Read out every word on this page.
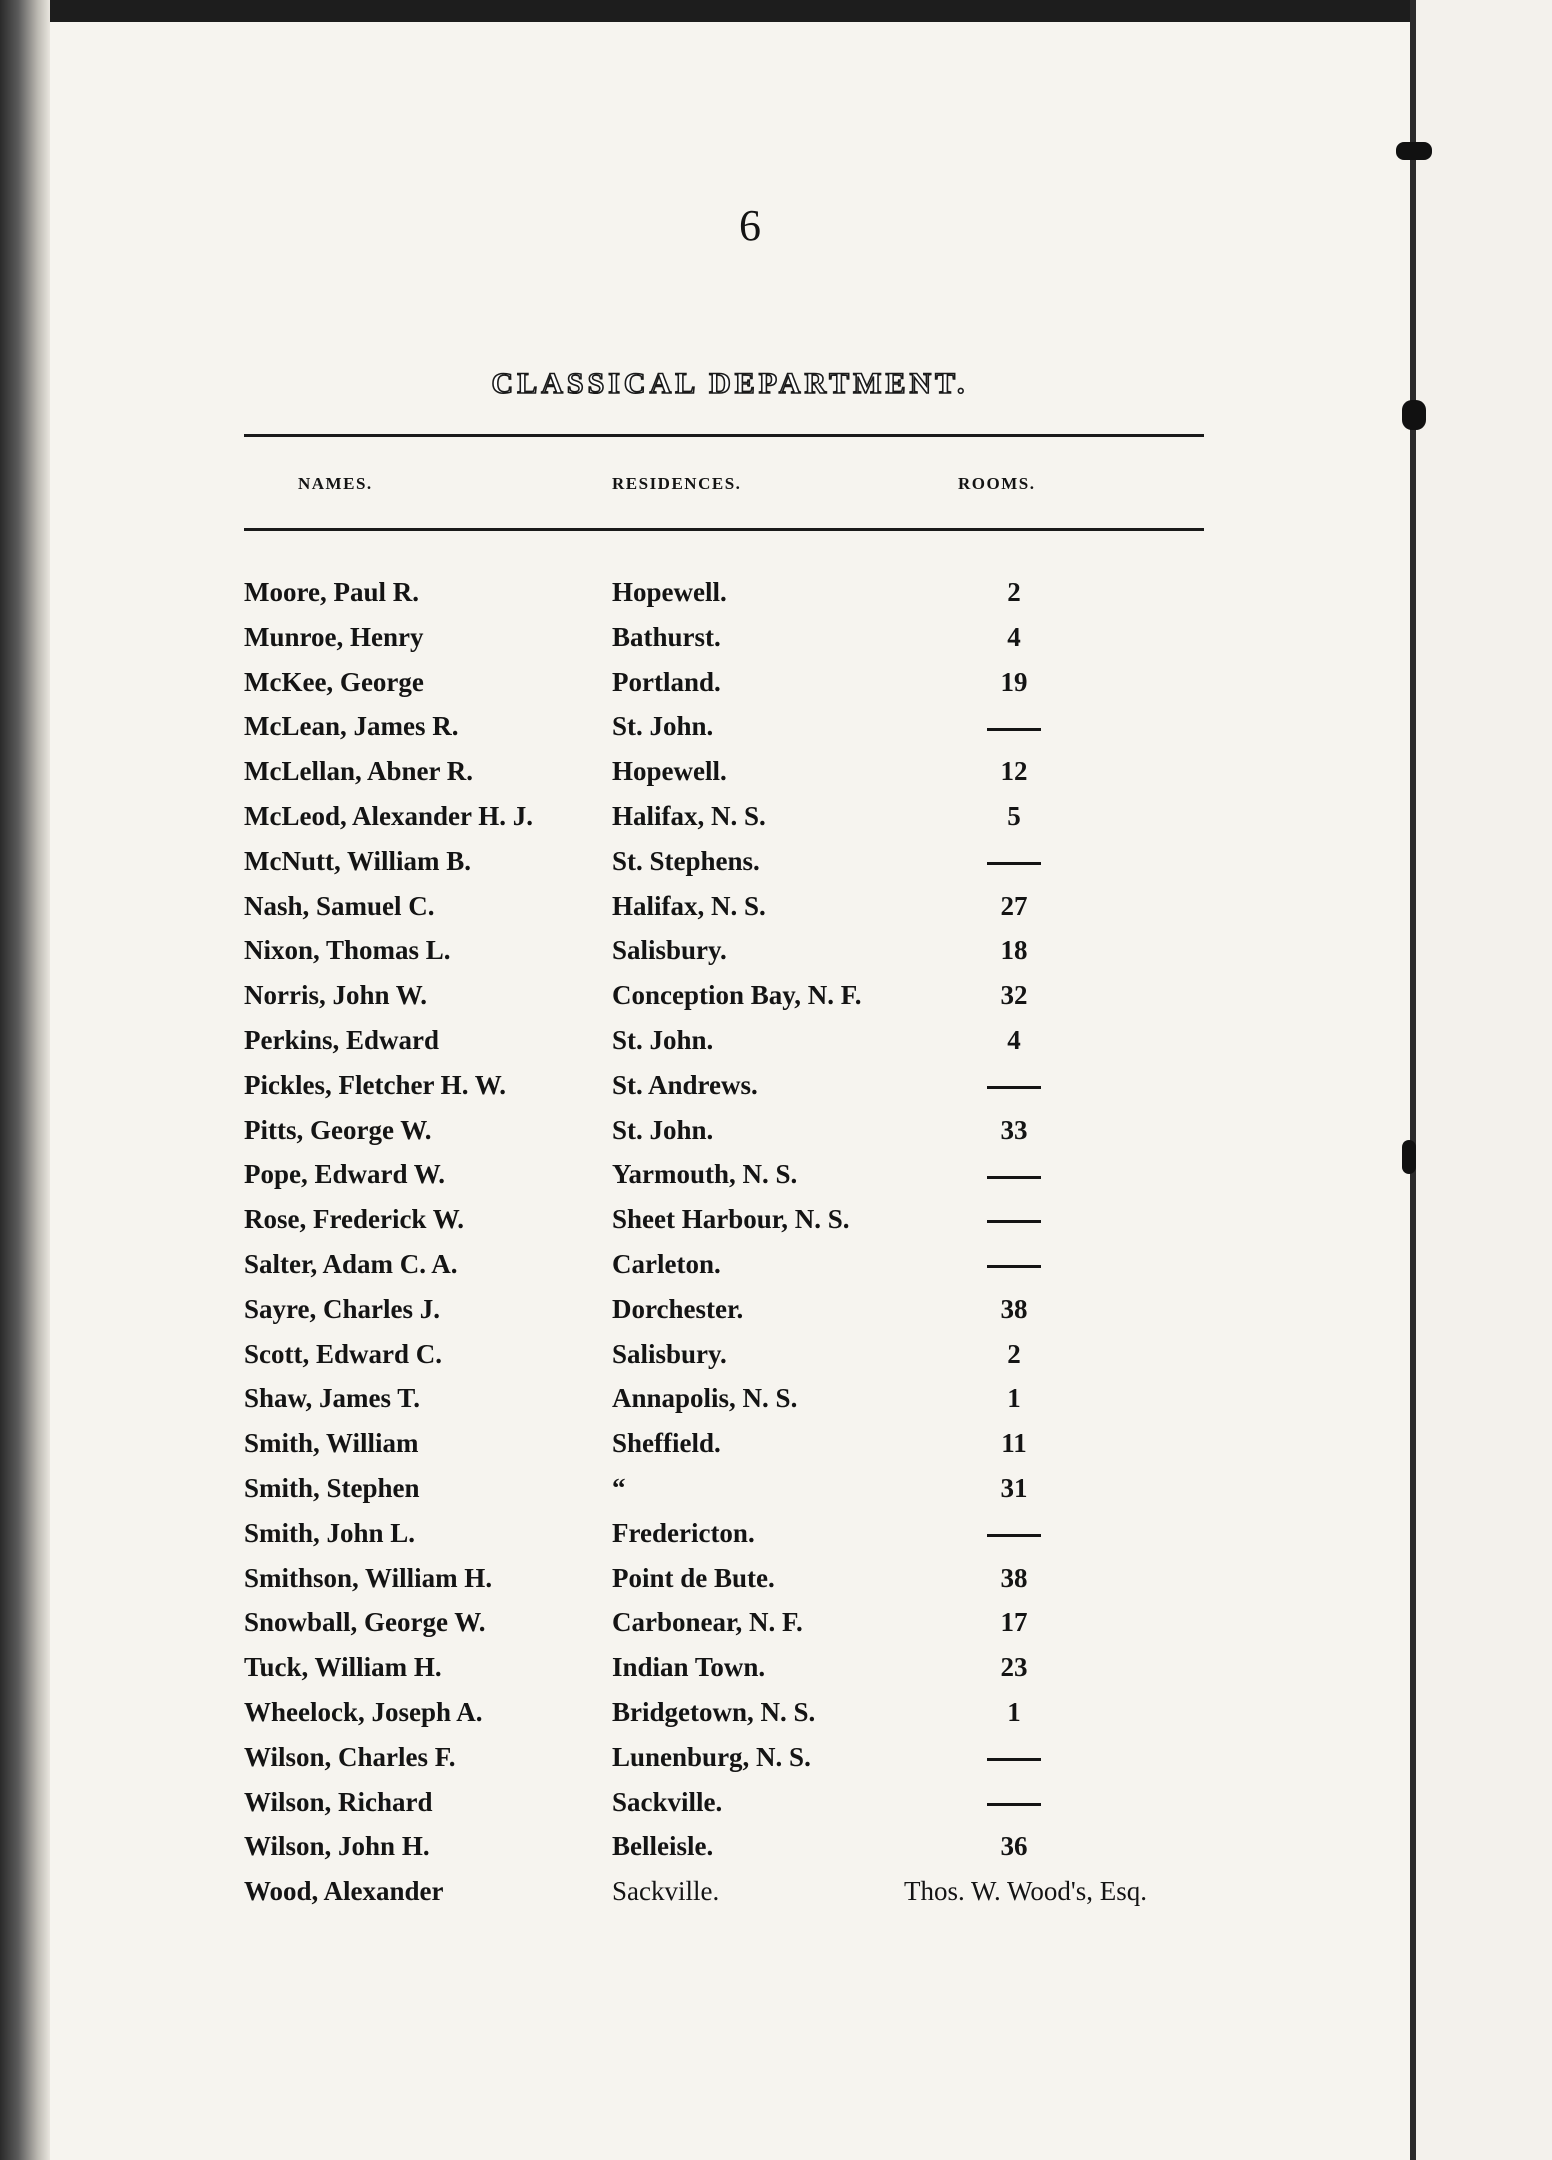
6
CLASSICAL DEPARTMENT.
NAMES.	RESIDENCES.	ROOMS.
Moore, Paul R.	Hopewell.	2
Munroe, Henry	Bathurst.	4
McKee, George	Portland.	19
McLean, James R.	St. John.
McLellan, Abner R.	Hopewell.	12
McLeod, Alexander H. J.	Halifax, N. S.	5
McNutt, William B.	St. Stephens.
Nash, Samuel C.	Halifax, N. S.	27
Nixon, Thomas L.	Salisbury.	18
Norris, John W.	Conception Bay, N. F.	32
Perkins, Edward	St. John.	4
Pickles, Fletcher H. W.	St. Andrews.
Pitts, George W.	St. John.	33
Pope, Edward W.	Yarmouth, N. S.
Rose, Frederick W.	Sheet Harbour, N. S.
Salter, Adam C. A.	Carleton.
Sayre, Charles J.	Dorchester.	38
Scott, Edward C.	Salisbury.	2
Shaw, James T.	Annapolis, N. S.	1
Smith, William	Sheffield.	11
Smith, Stephen	“	31
Smith, John L.	Fredericton.
Smithson, William H.	Point de Bute.	38
Snowball, George W.	Carbonear, N. F.	17
Tuck, William H.	Indian Town.	23
Wheelock, Joseph A.	Bridgetown, N. S.	1
Wilson, Charles F.	Lunenburg, N. S.
Wilson, Richard	Sackville.
Wilson, John H.	Belleisle.	36
Wood, Alexander	Sackville.	Thos. W. Wood's, Esq.
